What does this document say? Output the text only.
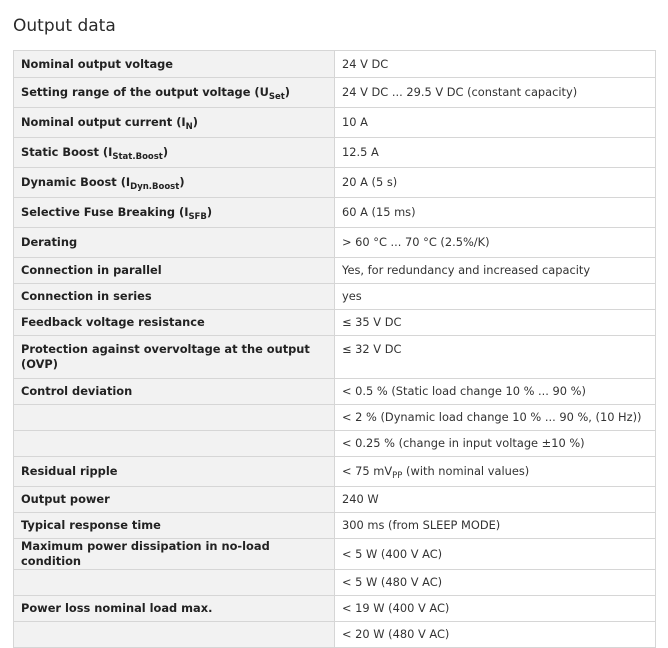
Output data
Nominal output voltage	24 V DC
Setting range of the output voltage $(U_{Set})$	24 V DC ... 29.5 V DC (constant capacity)
Nominal output current $(I_N)$	10 A
Static Boost $(I_{Stat.Boost})$	12.5 A
Dynamic Boost $(I_{Dyn.Boost})$	20 A (5 s)
Selective Fuse Breaking $(I_{SFB})$	60 A (15 ms)
Derating	> 60 °C ... 70 °C (2.5%/K)
Connection in parallel	Yes, for redundancy and increased capacity
Connection in series	yes
Feedback voltage resistance	≤ 35 V DC
Protection against overvoltage at the output (OVP)	≤ 32 V DC
Control deviation	< 0.5 % (Static load change 10 % ... 90 %)
	< 2 % (Dynamic load change 10 % ... 90 %, (10 Hz))
	< 0.25 % (change in input voltage ±10 %)
Residual ripple	< 75 $mV_{PP}$ (with nominal values)
Output power	240 W
Typical response time	300 ms (from SLEEP MODE)
Maximum power dissipation in no-load condition	< 5 W (400 V AC)
	< 5 W (480 V AC)
Power loss nominal load max.	< 19 W (400 V AC)
	< 20 W (480 V AC)
